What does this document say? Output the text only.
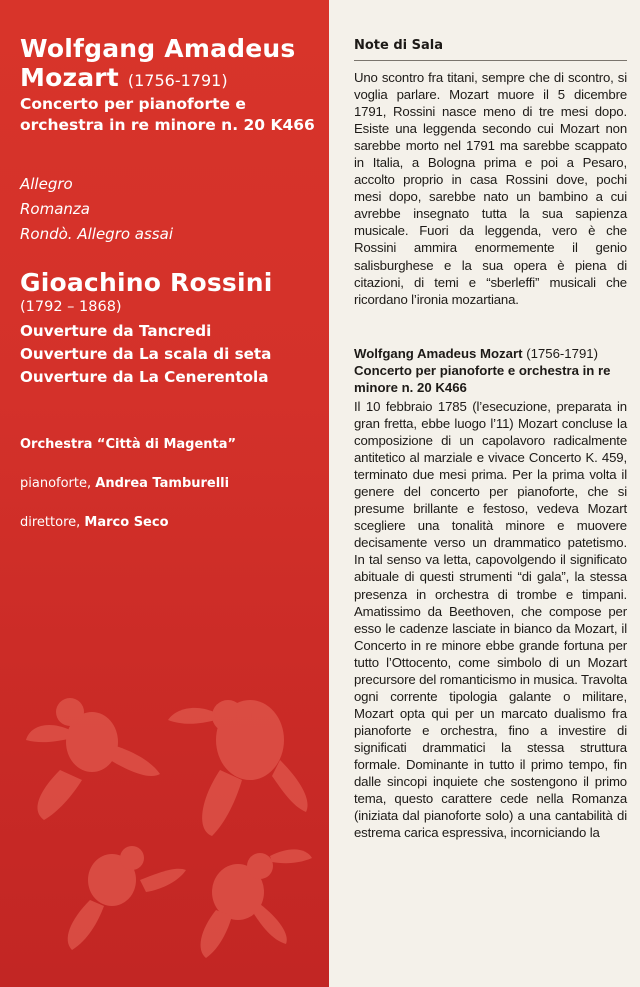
Wolfgang Amadeus
Mozart (1756-1791)
Concerto per pianoforte e
orchestra in re minore n. 20 K466
Allegro
Romanza
Rondò. Allegro assai
Gioachino Rossini
(1792 – 1868)
Ouverture da Tancredi
Ouverture da La scala di seta
Ouverture da La Cenerentola
Orchestra “Città di Magenta”
pianoforte, Andrea Tamburelli
direttore, Marco Seco
Note di Sala
Uno scontro fra titani, sempre che di scontro, si voglia parlare. Mozart muore il 5 dicembre 1791, Rossini nasce meno di tre mesi dopo. Esiste una leggenda secondo cui Mozart non sarebbe morto nel 1791 ma sarebbe scappato in Italia, a Bologna prima e poi a Pesaro, accolto proprio in casa Rossini dove, pochi mesi dopo, sarebbe nato un bambino a cui avrebbe insegnato tutta la sua sapienza musicale. Fuori da leggenda, vero è che Rossini ammira enormemente il genio salisburghese e la sua opera è piena di citazioni, di temi e “sberleffi” musicali che ricordano l’ironia mozartiana.
Wolfgang Amadeus Mozart (1756-1791)
Concerto per pianoforte e orchestra in re minore n. 20 K466
Il 10 febbraio 1785 (l’esecuzione, preparata in gran fretta, ebbe luogo l’11) Mozart concluse la composizione di un capolavoro radicalmente antitetico al marziale e vivace Concerto K. 459, terminato due mesi prima. Per la prima volta il genere del concerto per pianoforte, che si presume brillante e festoso, vedeva Mozart scegliere una tonalità minore e muovere decisamente verso un drammatico patetismo. In tal senso va letta, capovolgendo il significato abituale di questi strumenti “di gala”, la stessa presenza in orchestra di trombe e timpani. Amatissimo da Beethoven, che compose per esso le cadenze lasciate in bianco da Mozart, il Concerto in re minore ebbe grande fortuna per tutto l’Ottocento, come simbolo di un Mozart precursore del romanticismo in musica. Travolta ogni corrente tipologia galante o militare, Mozart opta qui per un marcato dualismo fra pianoforte e orchestra, fino a investire di significati drammatici la stessa struttura formale. Dominante in tutto il primo tempo, fin dalle sincopi inquiete che sostengono il primo tema, questo carattere cede nella Romanza (iniziata dal pianoforte solo) a una cantabilità di estrema carica espressiva, incorniciando la
